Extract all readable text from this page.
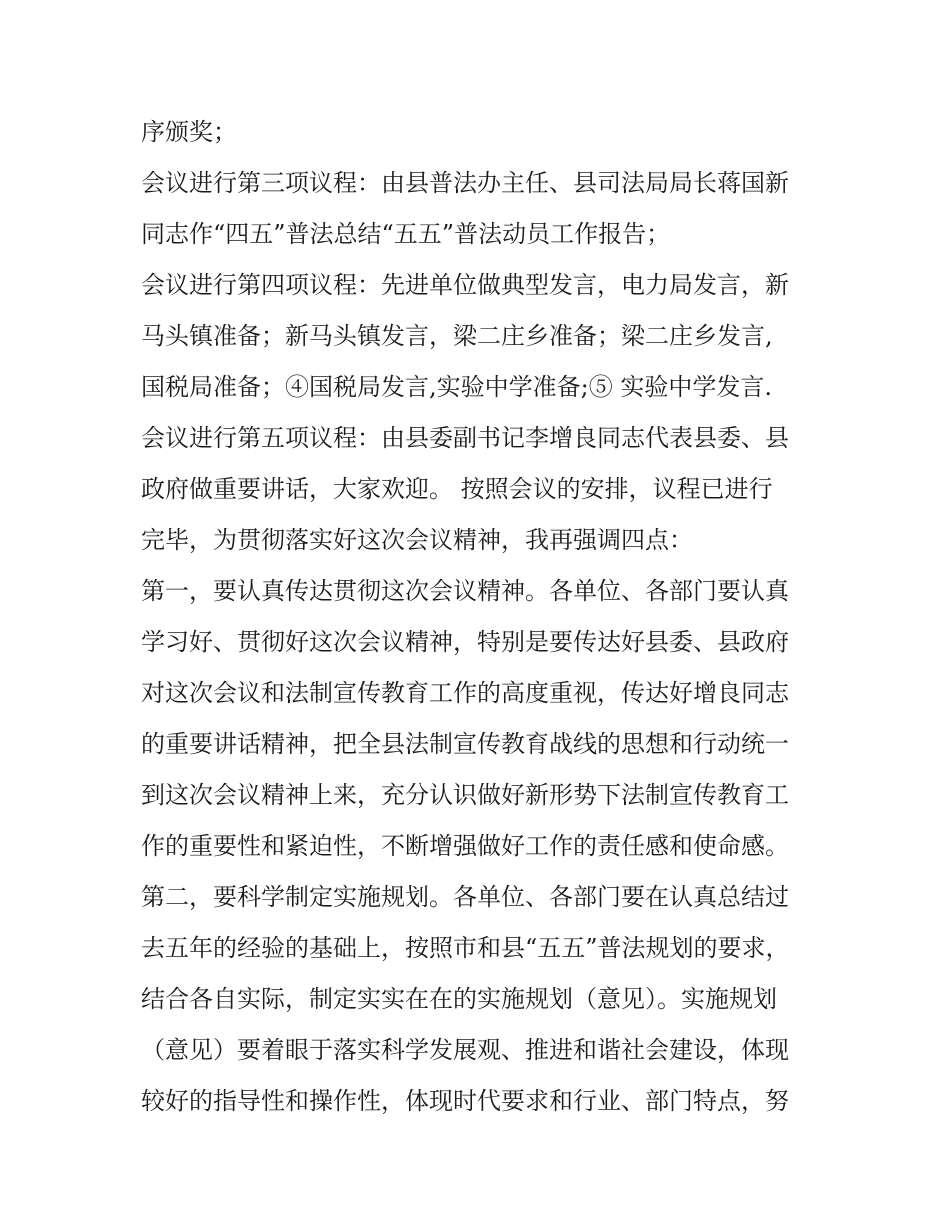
序颁奖；
会议进行第三项议程：由县普法办主任、县司法局局长蒋国新
同志作“四五”普法总结“五五”普法动员工作报告；
会议进行第四项议程：先进单位做典型发言，电力局发言，新
马头镇准备；新马头镇发言，梁二庄乡准备；梁二庄乡发言,
国税局准备；④国税局发言,实验中学准备;⑤ 实验中学发言.
会议进行第五项议程：由县委副书记李增良同志代表县委、县
政府做重要讲话，大家欢迎。 按照会议的安排，议程已进行
完毕，为贯彻落实好这次会议精神，我再强调四点：
第一，要认真传达贯彻这次会议精神。各单位、各部门要认真
学习好、贯彻好这次会议精神，特别是要传达好县委、县政府
对这次会议和法制宣传教育工作的高度重视，传达好增良同志
的重要讲话精神，把全县法制宣传教育战线的思想和行动统一
到这次会议精神上来，充分认识做好新形势下法制宣传教育工
作的重要性和紧迫性，不断增强做好工作的责任感和使命感。
第二，要科学制定实施规划。各单位、各部门要在认真总结过
去五年的经验的基础上，按照市和县“五五”普法规划的要求，
结合各自实际，制定实实在在的实施规划（意见）。实施规划
（意见）要着眼于落实科学发展观、推进和谐社会建设，体现
较好的指导性和操作性，体现时代要求和行业、部门特点，努
